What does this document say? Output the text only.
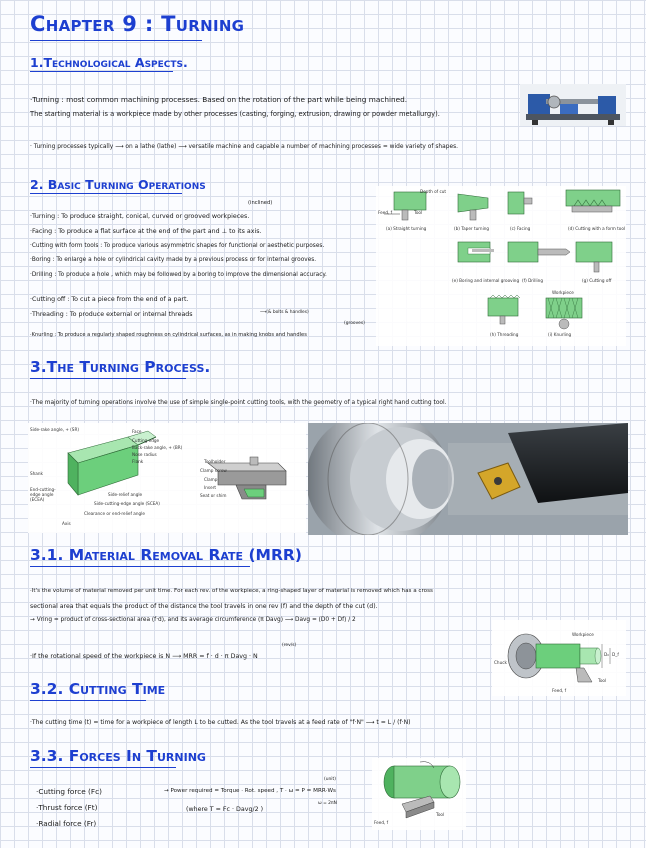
Chapter 9 : Turning
1.Technological Aspects.
·Turning : most common machining processes. Based on the rotation of the part while being machined.
The starting material is a workpiece made by other processes (casting, forging, extrusion, drawing or powder metallurgy).
· Turning processes typically ⟶ on a lathe (lathe) ⟶ versatile machine and capable a number of machining processes = wide variety of shapes.
2. Basic Turning Operations
(inclined)
·Turning : To produce straight, conical, curved or grooved workpieces.
·Facing : To produce a flat surface at the end of the part and ⊥ to its axis.
·Cutting with form tools : To produce various asymmetric shapes for functional or aesthetic purposes.
·Boring : To enlarge a hole or cylindrical cavity made by a previous process or for internal grooves.
·Drilling : To produce a hole , which may be followed by a boring to improve the dimensional accuracy.
·Cutting off : To cut a piece from the end of a part.
·Threading : To produce external or internal threads	⟶(& bolts & handles)
(grooves)
·Knurling : To produce a regularly shaped roughness on cylindrical surfaces, as in making knobs and handles
Depth of cut
Feed, f	Tool
(a) Straight turning	(b) Taper turning	(c) Facing	(d) Cutting with a form tool
(e) Boring and internal grooving (f) Drilling	(g) Cutting off
Workpiece
(h) Threading	(i) Knurling
3.The Turning Process.
·The majority of turning operations involve the use of simple single-point cutting tools, with the geometry of a typical right hand cutting tool.
Side-rake angle, + (SR)	Face
Cutting edge
Back-rake angle, + (BR)
Nose radius
Flank
Side-relief angle
Side-cutting-edge angle (SCEA)
Clearance or end-relief angle
End-cutting-edge angle (ECEA)
Shank
Axis
Toolholder
Clamp screw
Clamp
Insert
Seat or shim
3.1. Material Removal Rate (MRR)
·It's the volume of material removed per unit time. For each rev. of the workpiece, a ring-shaped layer of material is removed which has a cross
sectional area that equals the product of the distance the tool travels in one rev (f) and the depth of the cut (d).
→ Vring = product of cross-sectional area (f·d), and its average circumference (π Davg) ⟶ Davg = (D0 + Df) / 2
(rev/s)
·If the rotational speed of the workpiece is N ⟶ MRR = f · d · π Davg · N
Workpiece
Chuck
Tool
Feed, f
D₀ D_f
3.2. Cutting Time
·The cutting time (t) = time for a workpiece of length L to be cutted. As the tool travels at a feed rate of "f·N" ⟶ t = L / (f·N)
3.3. Forces In Turning
·Cutting force (Fc)
·Thrust force (Ft)
·Radial force (Fr)
(unit)
→ Power required = Torque · Rot. speed , T · ω = P = MRR·Ws
ω = 2πN
(where T = Fc · Davg/2 )
Tool
Feed, f
